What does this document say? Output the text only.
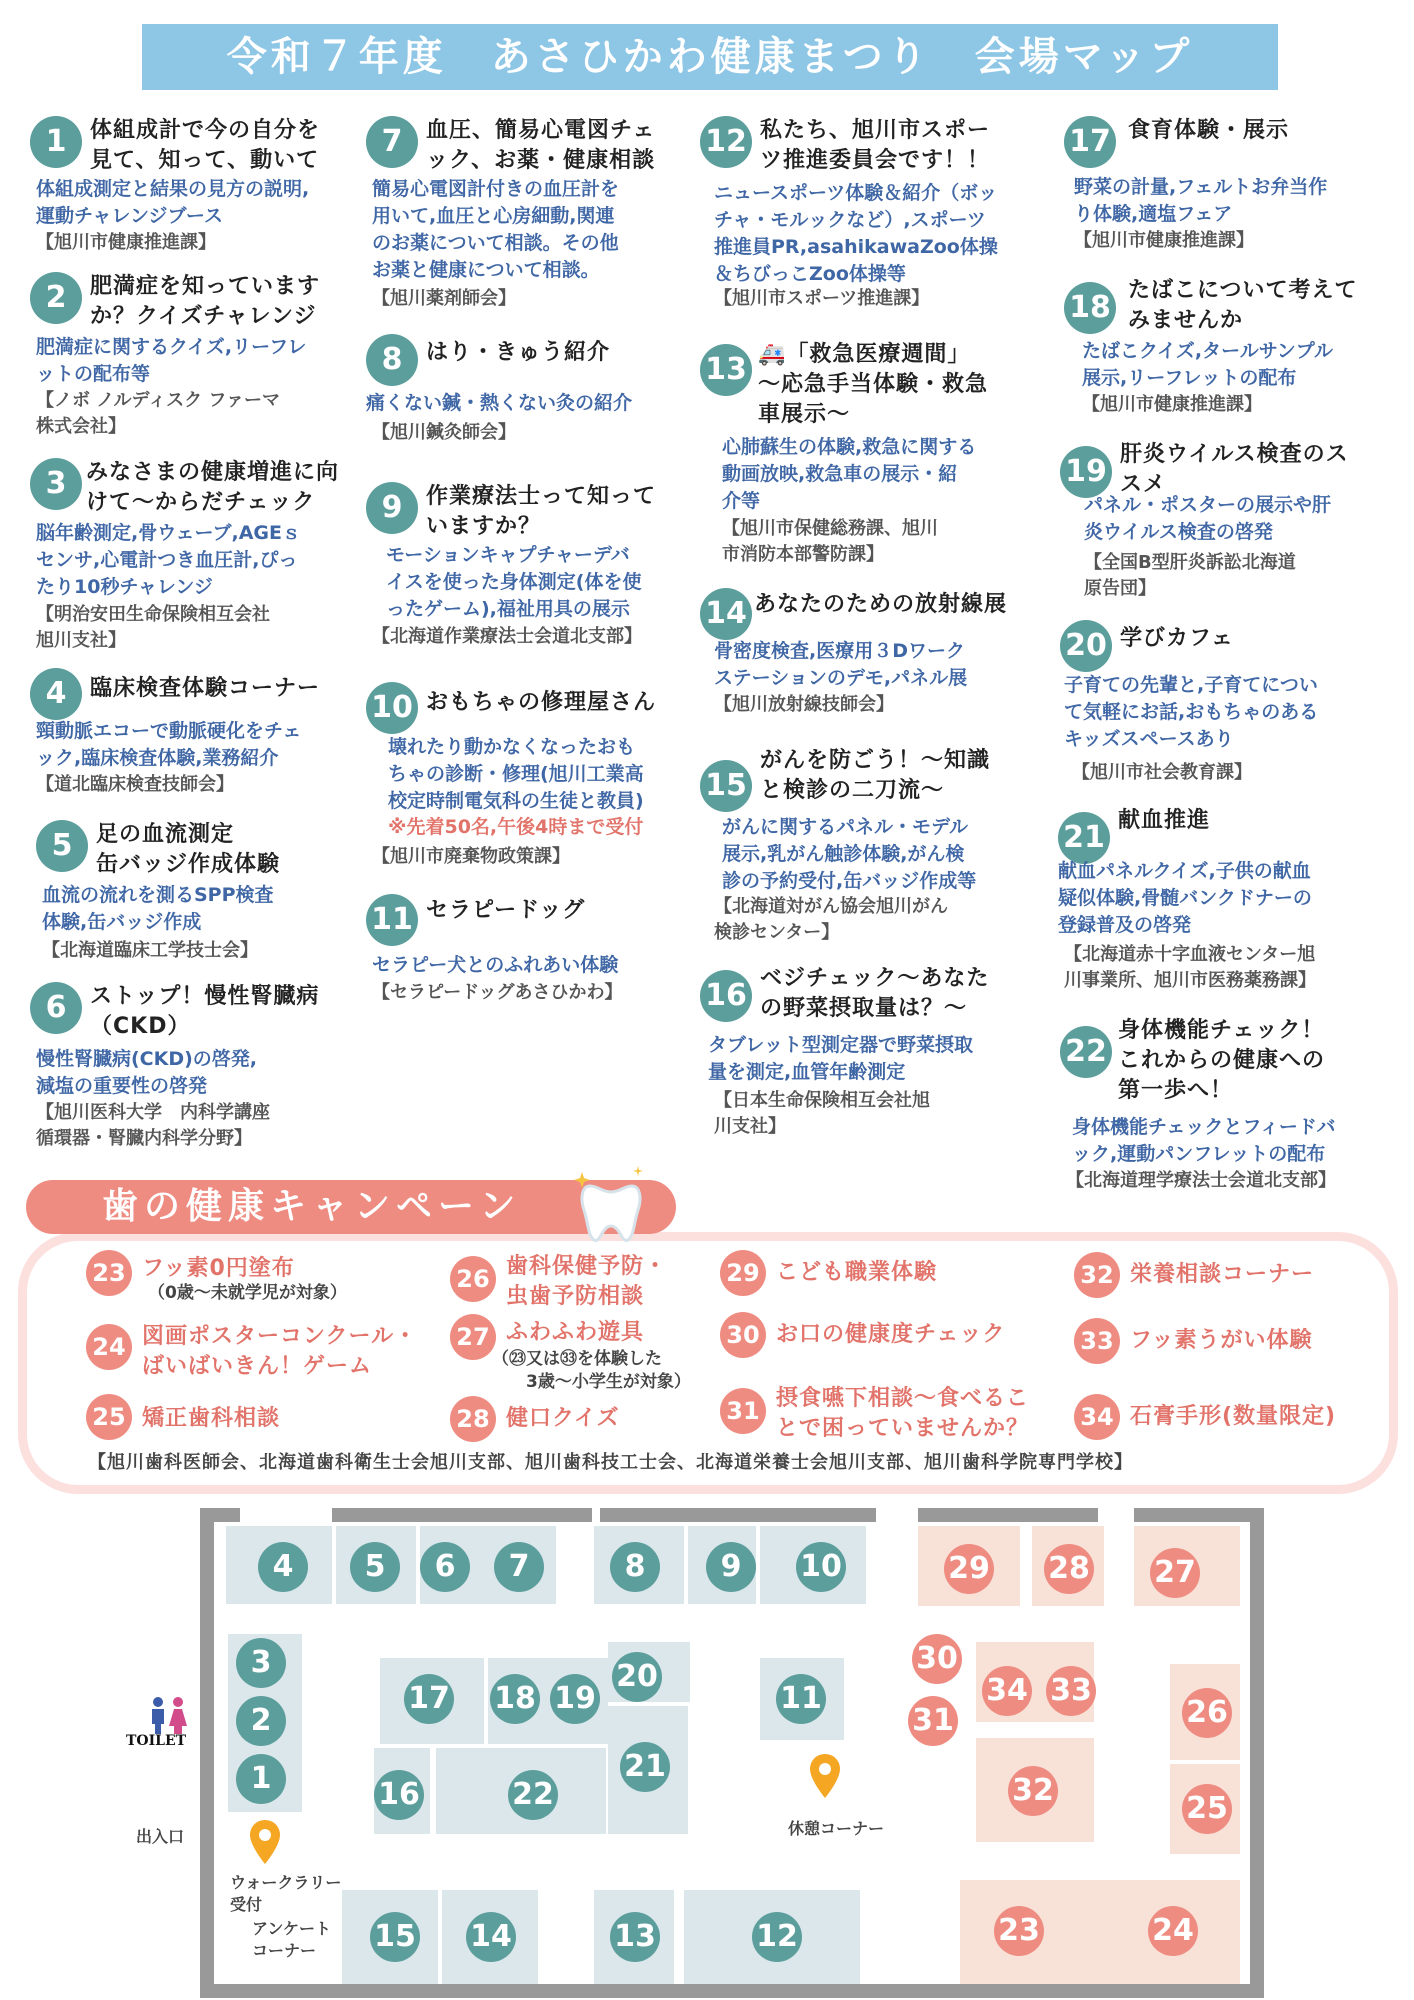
令和７年度　あさひかわ健康まつり　会場マップ
1	体組成計で今の自分を
見て、知って、動いて
体組成測定と結果の見方の説明,
運動チャレンジブース
【旭川市健康推進課】
2	肥満症を知っています
か？クイズチャレンジ
肥満症に関するクイズ,リーフレ
ットの配布等
【ノボ ノルディスク ファーマ
株式会社】
3 みなさまの健康増進に向
けて～からだチェック
脳年齢測定,骨ウェーブ,AGEｓ
センサ,心電計つき血圧計,ぴっ
たり10秒チャレンジ
【明治安田生命保険相互会社
旭川支社】
4	臨床検査体験コーナー
頸動脈エコーで動脈硬化をチェ
ック,臨床検査体験,業務紹介
【道北臨床検査技師会】
5	足の血流測定
缶バッジ作成体験
血流の流れを測るSPP検査
体験,缶バッジ作成
【北海道臨床工学技士会】
6	ストップ！慢性腎臓病
（CKD）
慢性腎臓病(CKD)の啓発,
減塩の重要性の啓発
【旭川医科大学　内科学講座
循環器・腎臓内科学分野】
7	血圧、簡易心電図チェ
ック、お薬・健康相談
簡易心電図計付きの血圧計を
用いて,血圧と心房細動,関連
のお薬について相談。その他
お薬と健康について相談。
【旭川薬剤師会】
8	はり・きゅう紹介
痛くない鍼・熱くない灸の紹介
【旭川鍼灸師会】
9	作業療法士って知って
いますか？
モーションキャプチャーデバ
イスを使った身体測定(体を使
ったゲーム),福祉用具の展示
【北海道作業療法士会道北支部】
10 おもちゃの修理屋さん
壊れたり動かなくなったおも
ちゃの診断・修理(旭川工業高
校定時制電気科の生徒と教員)
※先着50名,午後4時まで受付
【旭川市廃棄物政策課】
11 セラピードッグ
セラピー犬とのふれあい体験
【セラピードッグあさひかわ】
12 私たち、旭川市スポー
ツ推進委員会です！！
ニュースポーツ体験＆紹介（ボッ
チャ・モルックなど）,スポーツ
推進員PR,asahikawaZoo体操
＆ちびっこZoo体操等
【旭川市スポーツ推進課】
13 🚑「救急医療週間」
～応急手当体験・救急
車展示～
心肺蘇生の体験,救急に関する
動画放映,救急車の展示・紹
介等
【旭川市保健総務課、旭川
市消防本部警防課】
14 あなたのための放射線展
骨密度検査,医療用３Dワーク
ステーションのデモ,パネル展
【旭川放射線技師会】
15
がんを防ごう！～知識
と検診の二刀流～
がんに関するパネル・モデル
展示,乳がん触診体験,がん検
診の予約受付,缶バッジ作成等
【北海道対がん協会旭川がん
検診センター】
16 ベジチェック～あなた
の野菜摂取量は？～
タブレット型測定器で野菜摂取
量を測定,血管年齢測定
【日本生命保険相互会社旭
川支社】
17 食育体験・展示
野菜の計量,フェルトお弁当作
り体験,適塩フェア
【旭川市健康推進課】
18 たばこについて考えて
みませんか
たばこクイズ,タールサンプル
展示,リーフレットの配布
【旭川市健康推進課】
19 肝炎ウイルス検査のス
スメ
パネル・ポスターの展示や肝
炎ウイルス検査の啓発
【全国B型肝炎訴訟北海道
原告団】
20 学びカフェ
子育ての先輩と,子育てについ
て気軽にお話,おもちゃのある
キッズスペースあり
【旭川市社会教育課】
21 献血推進
献血パネルクイズ,子供の献血
疑似体験,骨髄バンクドナーの
登録普及の啓発
【北海道赤十字血液センター旭
川事業所、旭川市医務薬務課】
22
身体機能チェック！
これからの健康への
第一歩へ！
身体機能チェックとフィードバ
ック,運動パンフレットの配布
【北海道理学療法士会道北支部】
歯の健康キャンペーン
23 フッ素0円塗布
（0歳～未就学児が対象）
24 図画ポスターコンクール・
ばいばいきん！ゲーム
25 矯正歯科相談
26 歯科保健予防・
虫歯予防相談
27 ふわふわ遊具
（㉓又は㉝を体験した
　　3歳～小学生が対象）
28 健口クイズ
29 こども職業体験
30 お口の健康度チェック
31 摂食嚥下相談～食べるこ
とで困っていませんか？
32 栄養相談コーナー
33 フッ素うがい体験
34 石膏手形(数量限定)
【旭川歯科医師会、北海道歯科衛生士会旭川支部、旭川歯科技工士会、北海道栄養士会旭川支部、旭川歯科学院専門学校】
4	5	6	7	8	9	10
3
2
1
17 18 19
20
11
16	22
21
15 14	13	12
29 28 27
30
31
34 33
32
26
25
23	24
TOILET
出入口
ウォークラリー
受付
アンケート
コーナー
休憩コーナー
